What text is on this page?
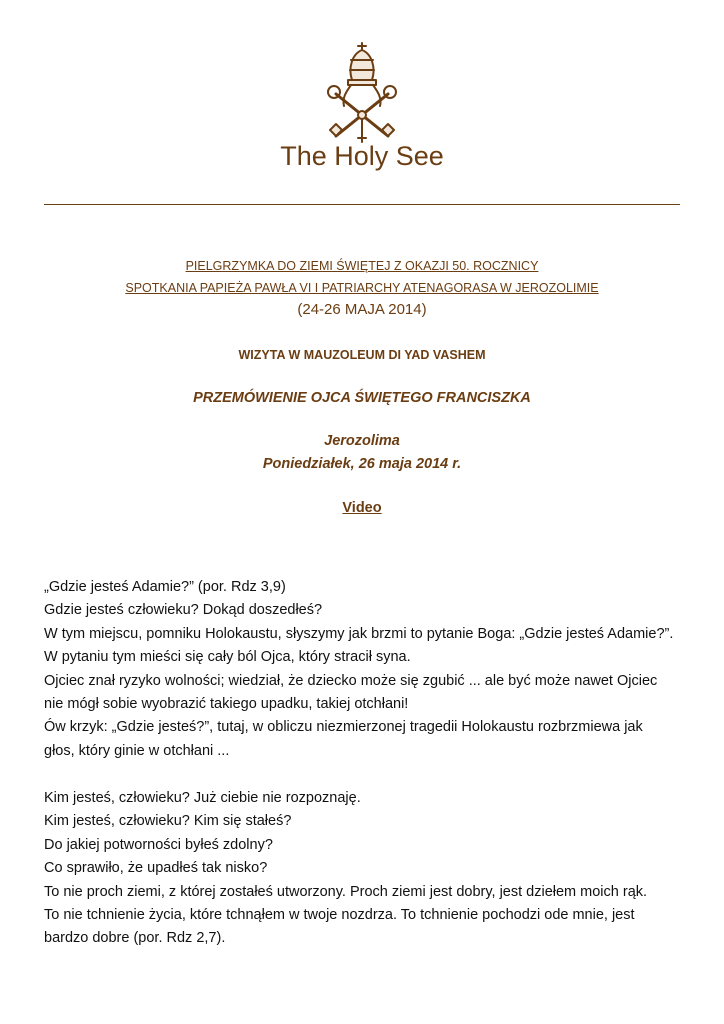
The Holy See
PIELGRZYMKA DO ZIEMI ŚWIĘTEJ Z OKAZJI 50. ROCZNICY
SPOTKANIA PAPIEŻA PAWŁA VI I PATRIARCHY ATENAGORASA W JEROZOLIMIE
(24-26 MAJA 2014)
WIZYTA W MAUZOLEUM DI YAD VASHEM
PRZEMÓWIENIE OJCA ŚWIĘTEGO FRANCISZKA
Jerozolima
Poniedziałek, 26 maja 2014 r.
Video
„Gdzie jesteś Adamie?” (por. Rdz 3,9)
Gdzie jesteś człowieku? Dokąd doszedłeś?
W tym miejscu, pomniku Holokaustu, słyszymy jak brzmi to pytanie Boga: „Gdzie jesteś Adamie?”.
W pytaniu tym mieści się cały ból Ojca, który stracił syna.
Ojciec znał ryzyko wolności; wiedział, że dziecko może się zgubić ... ale być może nawet Ojciec
nie mógł sobie wyobrazić takiego upadku, takiej otchłani!
Ów krzyk: „Gdzie jesteś?”, tutaj, w obliczu niezmierzonej tragedii Holokaustu rozbrzmiewa jak
głos, który ginie w otchłani ...
Kim jesteś, człowieku? Już ciebie nie rozpoznaję.
Kim jesteś, człowieku? Kim się stałeś?
Do jakiej potworności byłeś zdolny?
Co sprawiło, że upadłeś tak nisko?
To nie proch ziemi, z której zostałeś utworzony. Proch ziemi jest dobry, jest dziełem moich rąk.
To nie tchnienie życia, które tchnąłem w twoje nozdrza. To tchnienie pochodzi ode mnie, jest
bardzo dobre (por. Rdz 2,7).
